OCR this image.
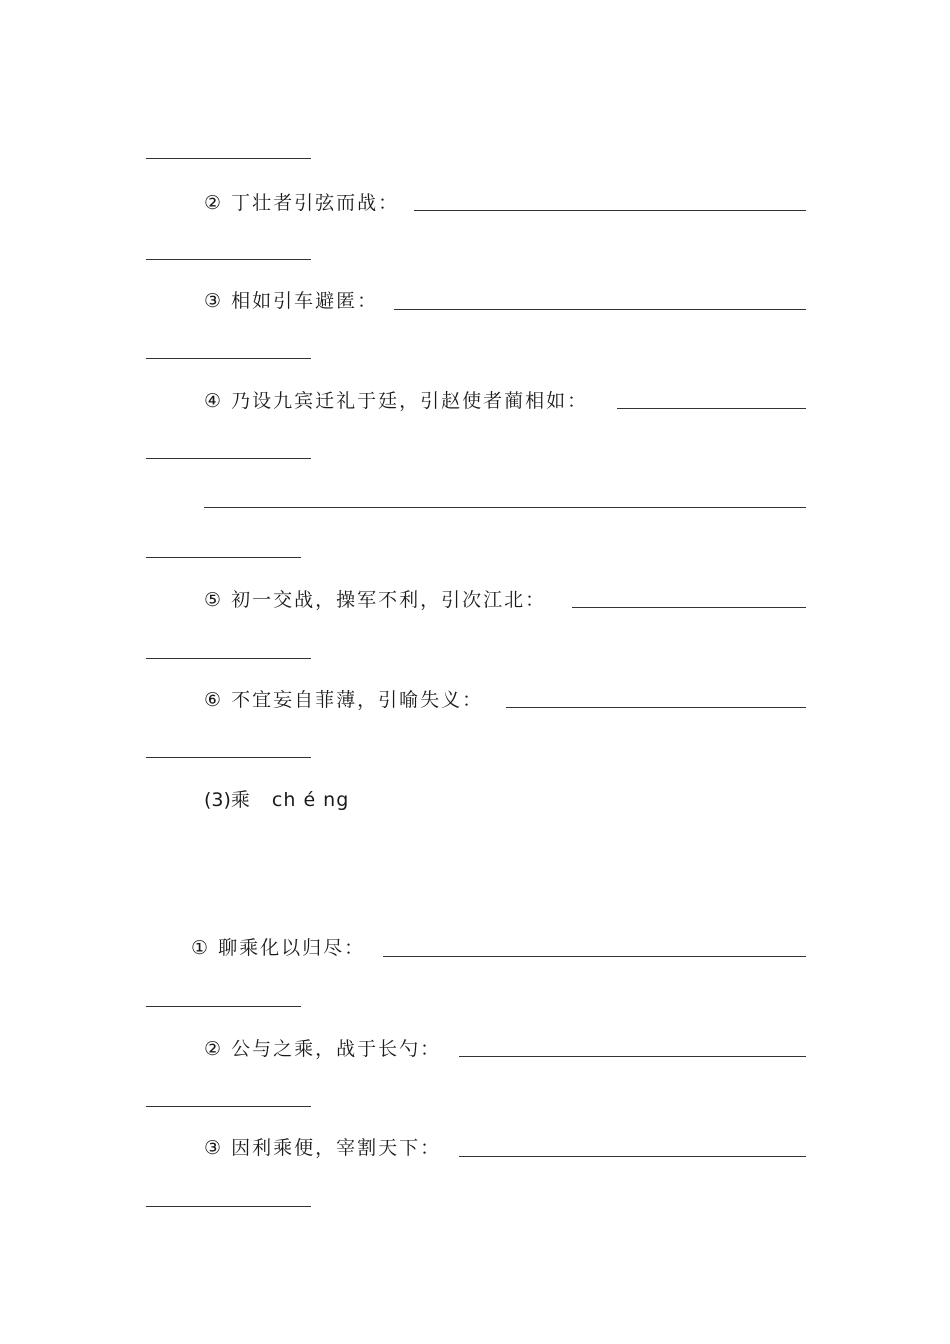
② 丁壮者引弦而战：
③ 相如引车避匿：
④ 乃设九宾迁礼于廷，引赵使者蔺相如：
⑤ 初一交战，操军不利，引次江北：
⑥ 不宜妄自菲薄，引喻失义：
(3)乘 ch é ng
① 聊乘化以归尽：
② 公与之乘，战于长勺：
③ 因利乘便，宰割天下：
